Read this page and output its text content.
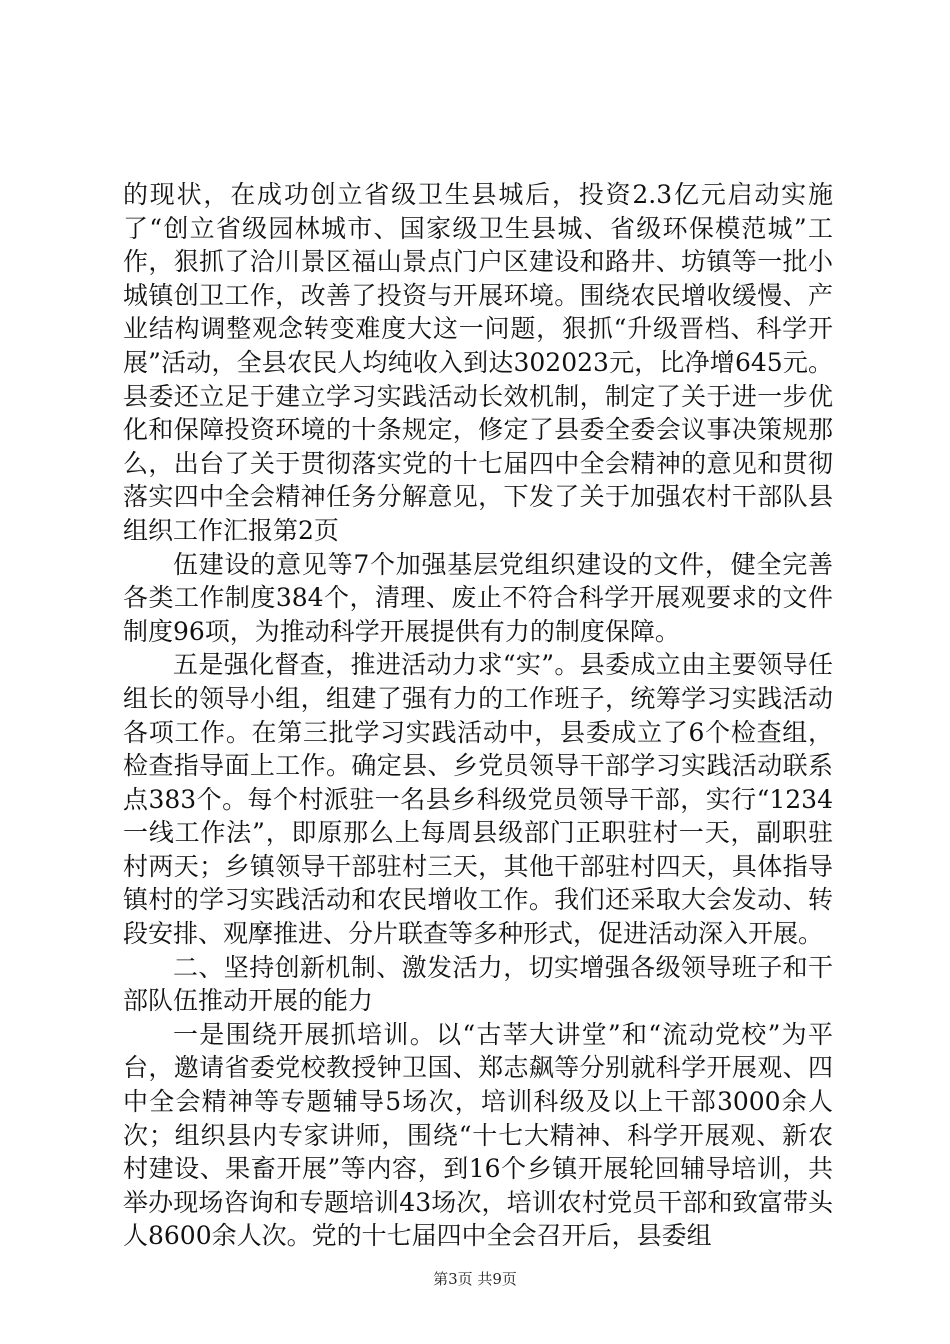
的现状，在成功创立省级卫生县城后，投资2.3亿元启动实施了“创立省级园林城市、国家级卫生县城、省级环保模范城”工作，狠抓了洽川景区福山景点门户区建设和路井、坊镇等一批小城镇创卫工作，改善了投资与开展环境。围绕农民增收缓慢、产业结构调整观念转变难度大这一问题，狠抓“升级晋档、科学开展”活动，全县农民人均纯收入到达302023元，比净增645元。县委还立足于建立学习实践活动长效机制，制定了关于进一步优化和保障投资环境的十条规定，修定了县委全委会议事决策规那么，出台了关于贯彻落实党的十七届四中全会精神的意见和贯彻落实四中全会精神任务分解意见，下发了关于加强农村干部队县组织工作汇报第2页

伍建设的意见等7个加强基层党组织建设的文件，健全完善各类工作制度384个，清理、废止不符合科学开展观要求的文件制度96项，为推动科学开展提供有力的制度保障。

五是强化督查，推进活动力求“实”。县委成立由主要领导任组长的领导小组，组建了强有力的工作班子，统筹学习实践活动各项工作。在第三批学习实践活动中，县委成立了6个检查组，检查指导面上工作。确定县、乡党员领导干部学习实践活动联系点383个。每个村派驻一名县乡科级党员领导干部，实行“1234一线工作法”，即原那么上每周县级部门正职驻村一天，副职驻村两天；乡镇领导干部驻村三天，其他干部驻村四天，具体指导镇村的学习实践活动和农民增收工作。我们还采取大会发动、转段安排、观摩推进、分片联查等多种形式，促进活动深入开展。

二、坚持创新机制、激发活力，切实增强各级领导班子和干部队伍推动开展的能力

一是围绕开展抓培训。以“古莘大讲堂”和“流动党校”为平台，邀请省委党校教授钟卫国、郑志飙等分别就科学开展观、四中全会精神等专题辅导5场次，培训科级及以上干部3000余人次；组织县内专家讲师，围绕“十七大精神、科学开展观、新农村建设、果畜开展”等内容，到16个乡镇开展轮回辅导培训，共举办现场咨询和专题培训43场次，培训农村党员干部和致富带头人8600余人次。党的十七届四中全会召开后，县委组

第3页 共9页
